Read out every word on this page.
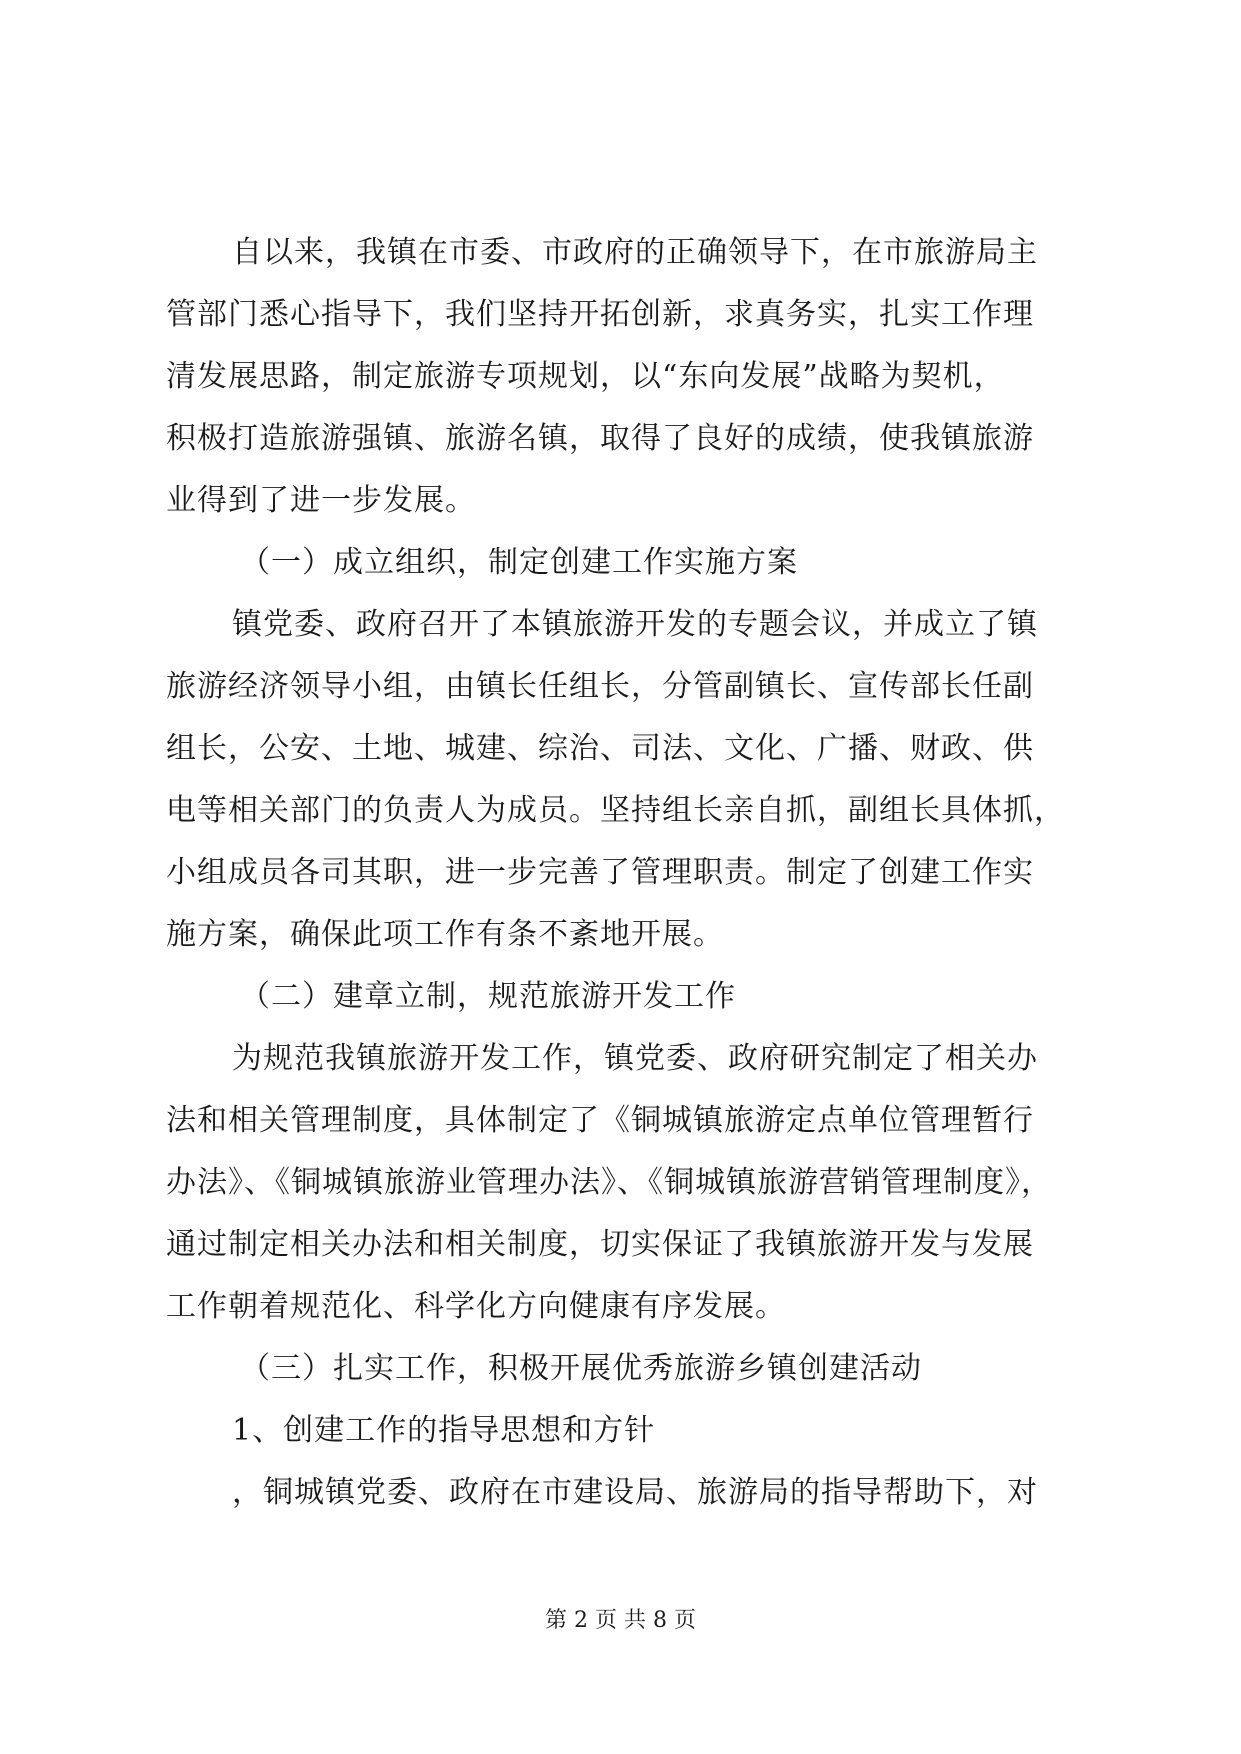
自以来，我镇在市委、市政府的正确领导下，在市旅游局主
管部门悉心指导下，我们坚持开拓创新，求真务实，扎实工作理
清发展思路，制定旅游专项规划，以“东向发展”战略为契机，
积极打造旅游强镇、旅游名镇，取得了良好的成绩，使我镇旅游
业得到了进一步发展。
（一）成立组织，制定创建工作实施方案
镇党委、政府召开了本镇旅游开发的专题会议，并成立了镇
旅游经济领导小组，由镇长任组长，分管副镇长、宣传部长任副
组长，公安、土地、城建、综治、司法、文化、广播、财政、供
电等相关部门的负责人为成员。坚持组长亲自抓，副组长具体抓，
小组成员各司其职，进一步完善了管理职责。制定了创建工作实
施方案，确保此项工作有条不紊地开展。
（二）建章立制，规范旅游开发工作
为规范我镇旅游开发工作，镇党委、政府研究制定了相关办
法和相关管理制度，具体制定了《铜城镇旅游定点单位管理暂行
办法》、《铜城镇旅游业管理办法》、《铜城镇旅游营销管理制度》，
通过制定相关办法和相关制度，切实保证了我镇旅游开发与发展
工作朝着规范化、科学化方向健康有序发展。
（三）扎实工作，积极开展优秀旅游乡镇创建活动
1、创建工作的指导思想和方针
，铜城镇党委、政府在市建设局、旅游局的指导帮助下，对
第 2 页 共 8 页
